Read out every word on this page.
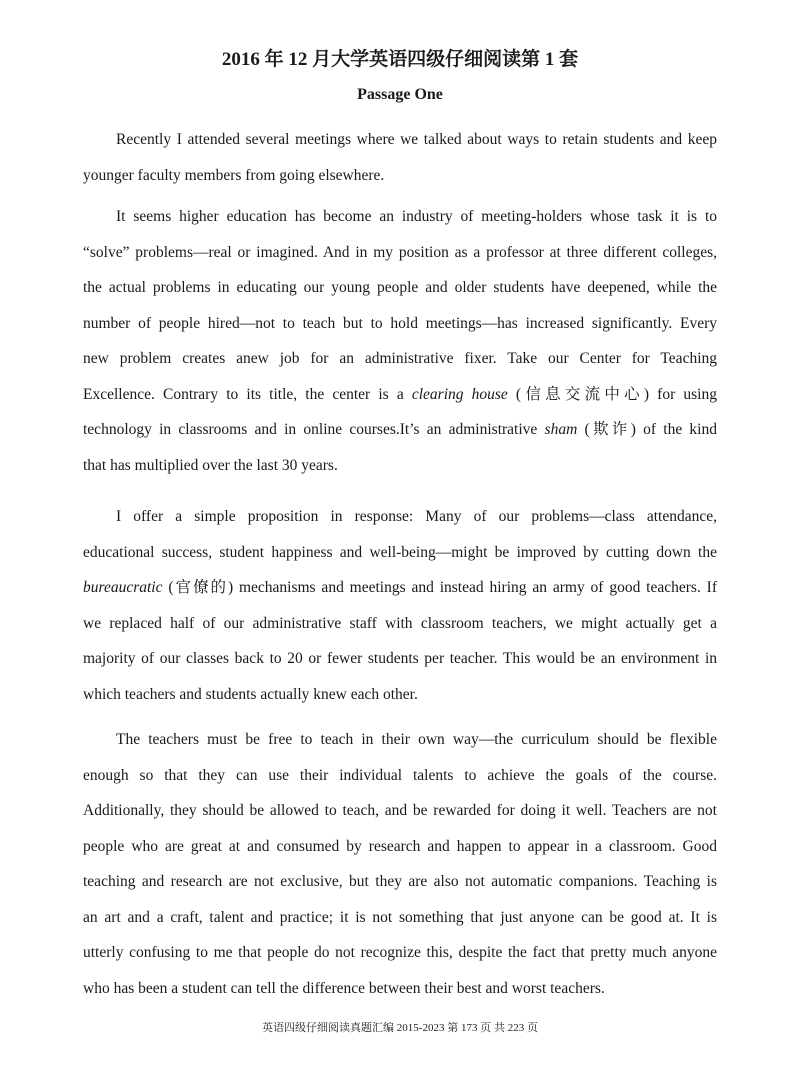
2016 年 12 月大学英语四级仔细阅读第 1 套
Passage One
Recently I attended several meetings where we talked about ways to retain students and keep
younger faculty members from going elsewhere.
It seems higher education has become an industry of meeting-holders whose task it is to
“solve” problems—real or imagined. And in my position as a professor at three different colleges,
the actual problems in educating our young people and older students have deepened, while the
number of people hired—not to teach but to hold meetings—has increased significantly. Every
new problem creates anew job for an administrative fixer. Take our Center for Teaching
Excellence. Contrary to its title, the center is a clearing house (信息交流中心) for using
technology in classrooms and in online courses.It’s an administrative sham (欺诈) of the kind
that has multiplied over the last 30 years.
I offer a simple proposition in response: Many of our problems—class attendance,
educational success, student happiness and well-being—might be improved by cutting down the
bureaucratic (官僚的) mechanisms and meetings and instead hiring an army of good teachers. If
we replaced half of our administrative staff with classroom teachers, we might actually get a
majority of our classes back to 20 or fewer students per teacher. This would be an environment in
which teachers and students actually knew each other.
The teachers must be free to teach in their own way—the curriculum should be flexible
enough so that they can use their individual talents to achieve the goals of the course.
Additionally, they should be allowed to teach, and be rewarded for doing it well. Teachers are not
people who are great at and consumed by research and happen to appear in a classroom. Good
teaching and research are not exclusive, but they are also not automatic companions. Teaching is
an art and a craft, talent and practice; it is not something that just anyone can be good at. It is
utterly confusing to me that people do not recognize this, despite the fact that pretty much anyone
who has been a student can tell the difference between their best and worst teachers.
英语四级仔细阅读真题汇编 2015-2023 第 173 页 共 223 页
